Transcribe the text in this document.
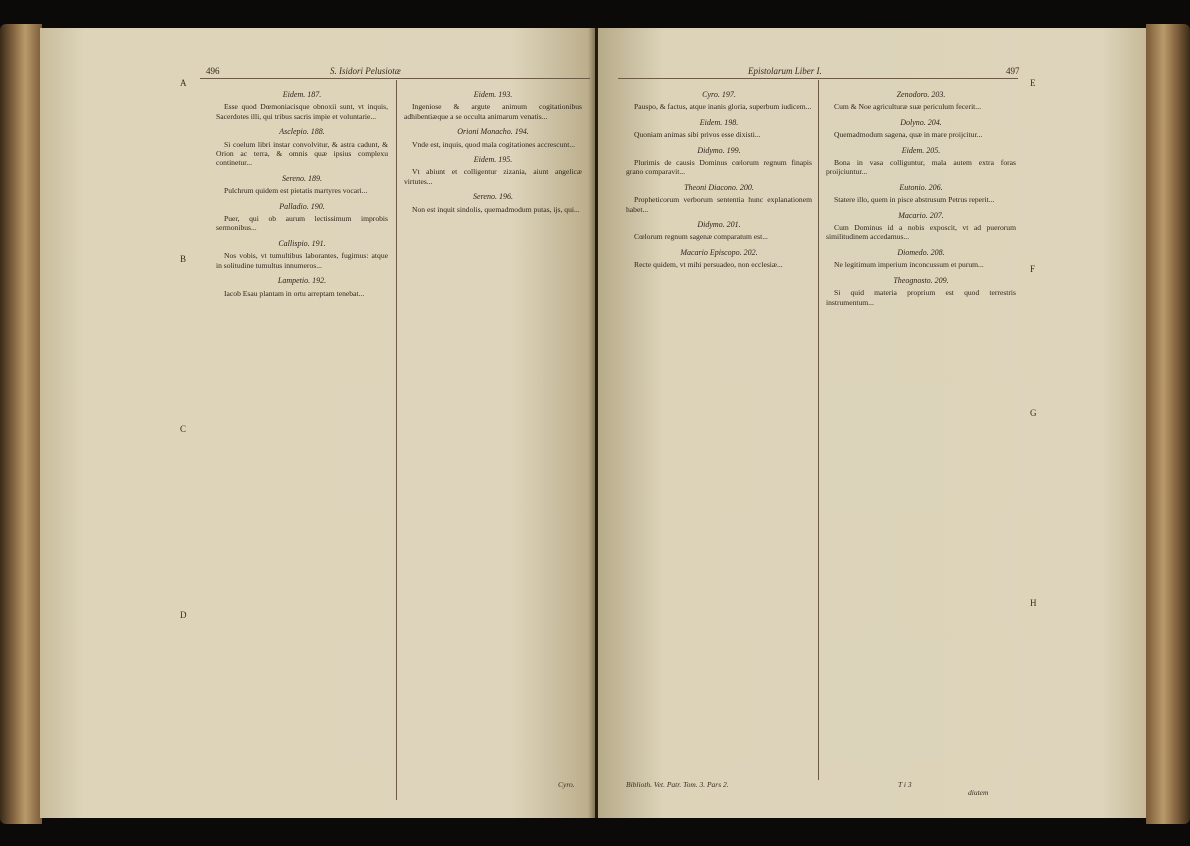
496	S. Isidori Pelusiotæ
A
B
C
D
Eidem. 187.

Esse quod Dœmoniacisque obnoxii sunt, vt inquis, Sacerdotes illi, qui tribus sacris impie et voluntarie...

Asclepio. 188.

Si coelum libri instar convolvitur, & astra cadunt, & Orion ac terra, & omnis quæ ipsius complexu continetur...

Sereno. 189.

Pulchrum quidem est pietatis martyres vocari...

Palladio. 190.

Puer, qui ob aurum lectissimum improbis sermonibus...

Callispio. 191.

Nos vobis, vt tumultibus laborantes, fugimus: atque in solitudine tumultus innumeros...

Lampetio. 192.

Iacob Esau plantam in ortu arreptam tenebat...

Eidem. 193.

Ingeniose & argute animum cogitationibus adhibentiæque a se occulta animarum venatis...

Orioni Monacho. 194.

Vnde est, inquis, quod mala cogitationes accrescunt...

Eidem. 195.

Vt abiunt et colligentur zizania, aiunt angelicæ virtutes...

Sereno. 196.

Non est inquit sindolis, quemadmodum putas, ijs, qui...

Cyro.
Epistolarum Liber I.	497
E
F
G
H
Cyro. 197.

Pauspo, & factus, atque inanis gloria, superbum iudicem...

Eidem. 198.

Quoniam animas sibi privos esse dixisti...

Didymo. 199.

Plurimis de causis Dominus cœlorum regnum finapis grano comparavit...

Theoni Diacono. 200.

Propheticorum verborum sententia hunc explanationem habet...

Didymo. 201.

Cœlorum regnum sagenæ comparatum est...

Macario Episcopo. 202.

Recte quidem, vt mihi persuadeo, non ecclesiæ...

Zenodoro. 203.

Cum & Noe agriculturæ suæ periculum fecerit...

Dolyno. 204.

Quemadmodum sagena, quæ in mare proijcitur...

Eidem. 205.

Bona in vasa colliguntur, mala autem extra foras proijciuntur...

Eutonio. 206.

Statere illo, quem in pisce abstrusum Petrus reperit...

Macario. 207.

Cum Dominus id a nobis exposcit, vt ad puerorum similitudinem accedamus...

Diomedo. 208.

Ne legitimum imperium inconcussum et purum...

Theognosto. 209.

Si quid materia proprium est quod terrestris instrumentum...

Biblioth. Vet. Patr. Tom. 3. Pars 2.	T i 3
diutem
